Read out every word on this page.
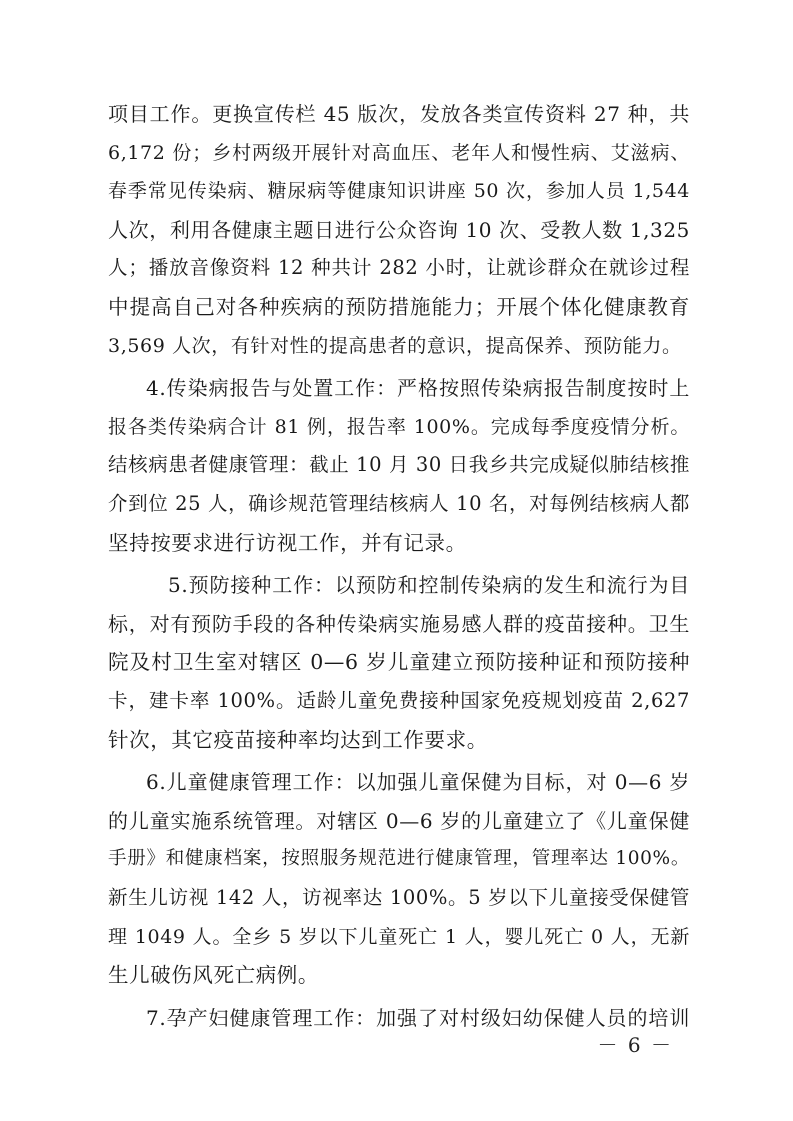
项目工作。更换宣传栏 45 版次，发放各类宣传资料 27 种，共
6,172 份；乡村两级开展针对高血压、老年人和慢性病、艾滋病、
春季常见传染病、糖尿病等健康知识讲座 50 次，参加人员 1,544
人次，利用各健康主题日进行公众咨询 10 次、受教人数 1,325
人；播放音像资料 12 种共计 282 小时，让就诊群众在就诊过程
中提高自己对各种疾病的预防措施能力；开展个体化健康教育
3,569 人次，有针对性的提高患者的意识，提高保养、预防能力。
4.传染病报告与处置工作：严格按照传染病报告制度按时上
报各类传染病合计 81 例，报告率 100%。完成每季度疫情分析。
结核病患者健康管理：截止 10 月 30 日我乡共完成疑似肺结核推
介到位 25 人，确诊规范管理结核病人 10 名，对每例结核病人都
坚持按要求进行访视工作，并有记录。
5.预防接种工作：以预防和控制传染病的发生和流行为目
标，对有预防手段的各种传染病实施易感人群的疫苗接种。卫生
院及村卫生室对辖区 0—6 岁儿童建立预防接种证和预防接种
卡，建卡率 100%。适龄儿童免费接种国家免疫规划疫苗 2,627
针次，其它疫苗接种率均达到工作要求。
6.儿童健康管理工作：以加强儿童保健为目标，对 0—6 岁
的儿童实施系统管理。对辖区 0—6 岁的儿童建立了《儿童保健
手册》和健康档案，按照服务规范进行健康管理，管理率达 100%。
新生儿访视 142 人，访视率达 100%。5 岁以下儿童接受保健管
理 1049 人。全乡 5 岁以下儿童死亡 1 人，婴儿死亡 0 人，无新
生儿破伤风死亡病例。
7.孕产妇健康管理工作：加强了对村级妇幼保健人员的培训
－ 6 －
